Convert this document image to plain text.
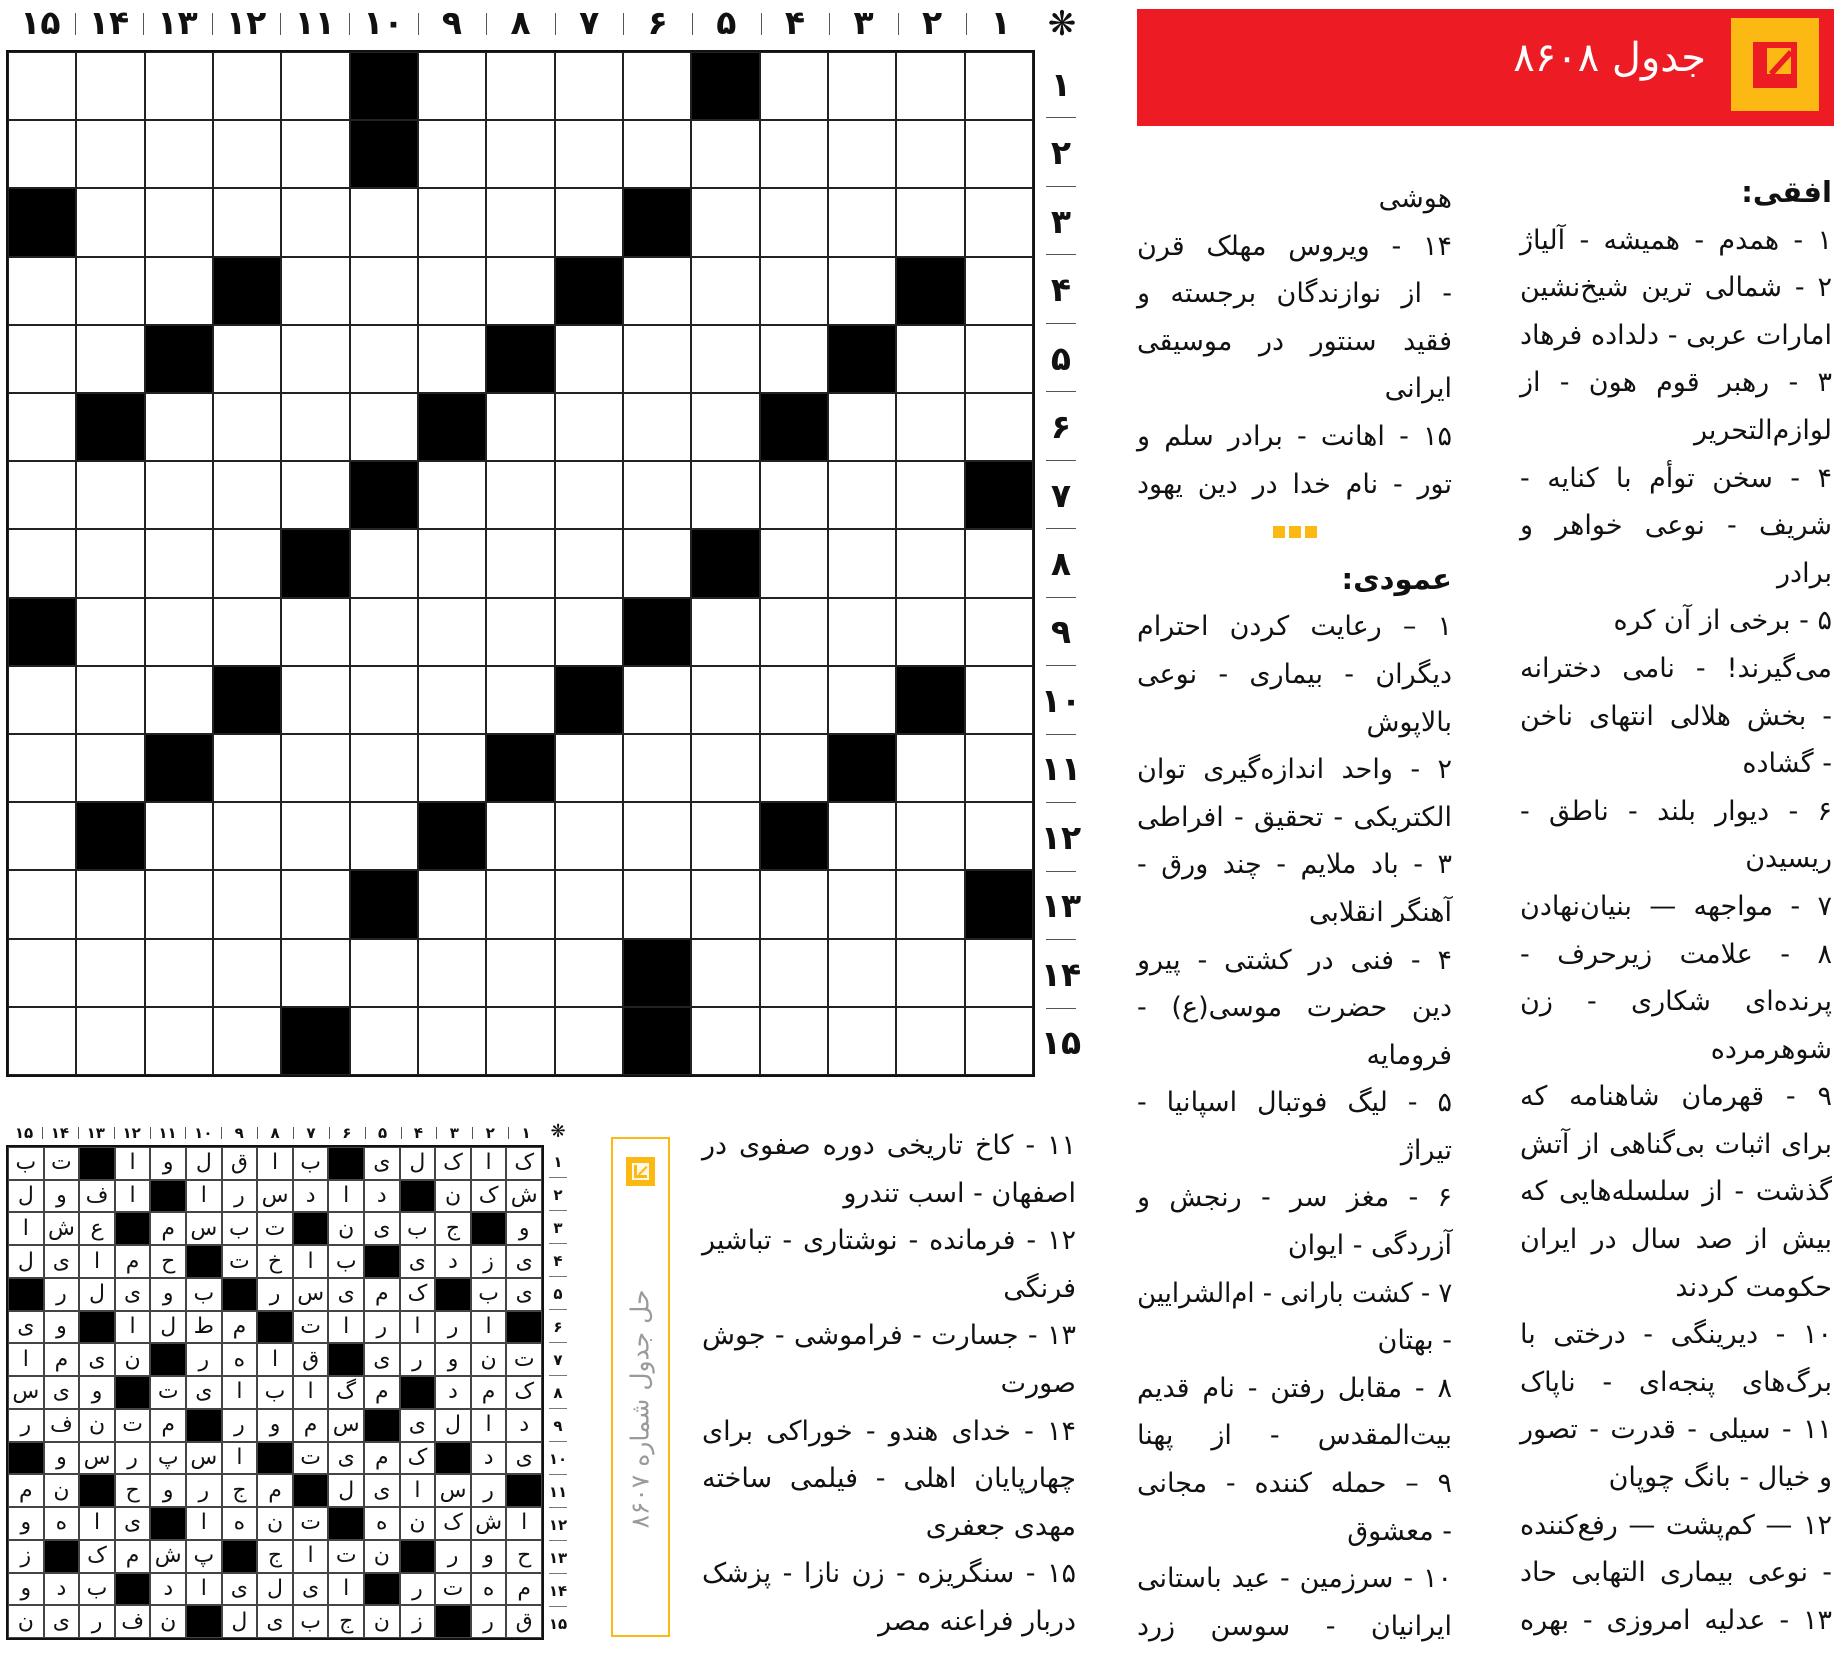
جدول ۸۶۰۸
❋
۱
۲
۳
۴
۵
۶
۷
۸
۹
۱۰
۱۱
۱۲
۱۳
۱۴
۱۵
۱
۲
۳
۴
۵
۶
۷
۸
۹
۱۰
۱۱
۱۲
۱۳
۱۴
۱۵
افقی:
۱ - همدم - همیشه - آلیاژ
۲ - شمالی ترین شیخ‌نشین
امارات عربی - دلداده فرهاد
۳ - رهبر قوم هون - از
لوازم‌التحریر
۴ - سخن توأم با کنایه -
شریف - نوعی خواهر و
برادر
۵ - برخی از آن کره
می‌گیرند! - نامی دخترانه
- بخش هلالی انتهای ناخن
- گشاده
۶ - دیوار بلند - ناطق -
ریسیدن
۷ - مواجهه — بنیان‌نهادن
۸ - علامت زیرحرف -
پرنده‌ای شکاری - زن
شوهرمرده
۹ - قهرمان شاهنامه که
برای اثبات بی‌گناهی از آتش
گذشت - از سلسله‌هایی که
بیش از صد سال در ایران
حکومت کردند
۱۰ - دیرینگی - درختی با
برگ‌های پنجه‌ای - ناپاک
۱۱ - سیلی - قدرت - تصور
و خیال - بانگ چوپان
۱۲ — کم‌پشت — رفع‌کننده
- نوعی بیماری التهابی حاد
۱۳ - عدلیه امروزی - بهره
هوشی
۱۴ - ویروس مهلک قرن
- از نوازندگان برجسته و
فقید سنتور در موسیقی
ایرانی
۱۵ - اهانت - برادر سلم و
تور - نام خدا در دین یهود
عمودی:
۱ – رعایت کردن احترام
دیگران - بیماری - نوعی
بالاپوش
۲ - واحد اندازه‌گیری توان
الکتریکی - تحقیق - افراطی
۳ - باد ملایم - چند ورق -
آهنگر انقلابی
۴ - فنی در کشتی - پیرو
دین حضرت موسی(ع) -
فرومایه
۵ - لیگ فوتبال اسپانیا -
تیراژ
۶ - مغز سر - رنجش و
آزردگی - ایوان
۷ - کشت بارانی - ام‌الشرایین
- بهتان
۸ - مقابل رفتن - نام قدیم
بیت‌المقدس - از پهنا
۹ – حمله کننده - مجانی
- معشوق
۱۰ - سرزمین - عید باستانی
ایرانیان - سوسن زرد
۱۱ - کاخ تاریخی دوره صفوی در
اصفهان - اسب تندرو
۱۲ - فرمانده - نوشتاری - تباشیر
فرنگی
۱۳ - جسارت - فراموشی - جوش
صورت
۱۴ - خدای هندو - خوراکی برای
چهارپایان اهلی - فیلمی ساخته
مهدی جعفری
۱۵ - سنگریزه - زن نازا - پزشک
دربار فراعنه مصر
حل جدول شماره ۸۶۰۷
❋
۱
۲
۳
۴
۵
۶
۷
۸
۹
۱۰
۱۱
۱۲
۱۳
۱۴
۱۵
ک
ا
ک
ل
ی
ب
ا
ق
ل
و
ا
ت
ب
ش
ک
ن
د
ا
د
س
ر
ا
ا
ف
و
ل
و
ج
ب
ی
ن
ت
ب
س
م
ع
ش
ا
ی
ز
د
ی
ب
ا
خ
ت
ح
م
ا
ی
ل
ی
ب
ک
م
ی
س
ر
ب
و
ی
ل
ر
ا
ر
ا
ر
ا
ت
م
ط
ل
ا
و
ی
ت
ن
و
ر
ی
ق
ا
ه
ر
ن
ی
م
ا
ک
م
د
م
گ
ا
ب
ا
ی
ت
و
ی
س
د
ا
ل
ی
س
م
و
ر
م
ت
ن
ف
ر
ی
د
ک
م
ی
ت
ا
س
پ
ر
س
و
ر
س
ا
ی
ل
م
ج
ر
و
ح
ن
م
ا
ش
ک
ن
ه
ت
ن
ه
ا
ی
ا
ه
و
ح
و
ر
ن
ت
ا
ج
پ
ش
م
ک
ز
م
ه
ت
ر
ا
ی
ل
ی
ا
د
ب
د
و
ق
ر
ز
ن
ج
ب
ی
ل
ن
ف
ر
ی
ن
۱
۲
۳
۴
۵
۶
۷
۸
۹
۱۰
۱۱
۱۲
۱۳
۱۴
۱۵
